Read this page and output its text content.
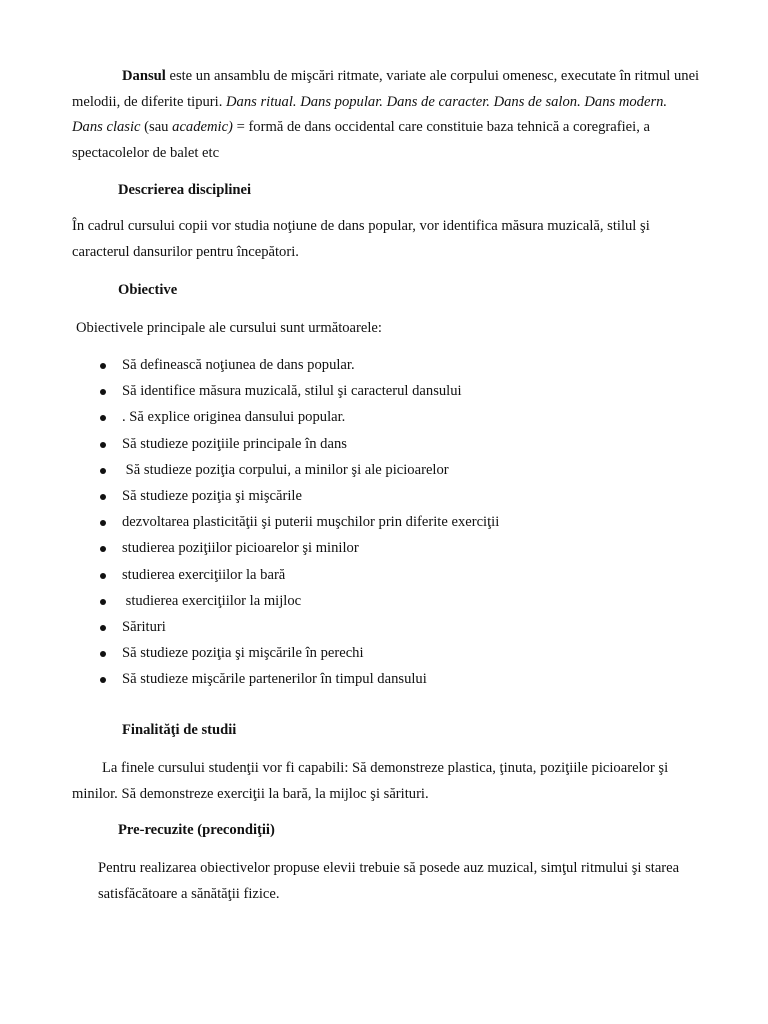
Dansul este un ansamblu de mişcări ritmate, variate ale corpului omenesc, executate în ritmul unei melodii, de diferite tipuri. Dans ritual. Dans popular. Dans de caracter. Dans de salon. Dans modern. Dans clasic (sau academic) = formă de dans occidental care constituie baza tehnică a coregrafiei, a spectacolelor de balet etc

Descrierea disciplinei

În cadrul cursului copii vor studia noţiune de dans popular, vor identifica măsura muzicală, stilul şi caracterul dansurilor pentru începători.

Obiective

Obiectivele principale ale cursului sunt următoarele:

Să definească noţiunea de dans popular.
Să identifice măsura muzicală, stilul şi caracterul dansului
. Să explice originea dansului popular.
Să studieze poziţiile principale în dans
Să studieze poziţia corpului, a minilor şi ale picioarelor
Să studieze poziţia şi mişcările
dezvoltarea plasticităţii şi puterii muşchilor prin diferite exerciţii
studierea poziţiilor picioarelor şi minilor
studierea exerciţiilor la bară
studierea exerciţiilor la mijloc
Sărituri
Să studieze poziţia şi mişcările în perechi
Să studieze mişcările partenerilor în timpul dansului

Finalităţi de studii

La finele cursului studenţii vor fi capabili: Să demonstreze plastica, ţinuta, poziţiile picioarelor şi minilor. Să demonstreze exerciţii la bară, la mijloc şi sărituri.

Pre-recuzite (precondiţii)

Pentru realizarea obiectivelor propuse elevii trebuie să posede auz muzical, simţul ritmului şi starea satisfăcătoare a sănătăţii fizice.
